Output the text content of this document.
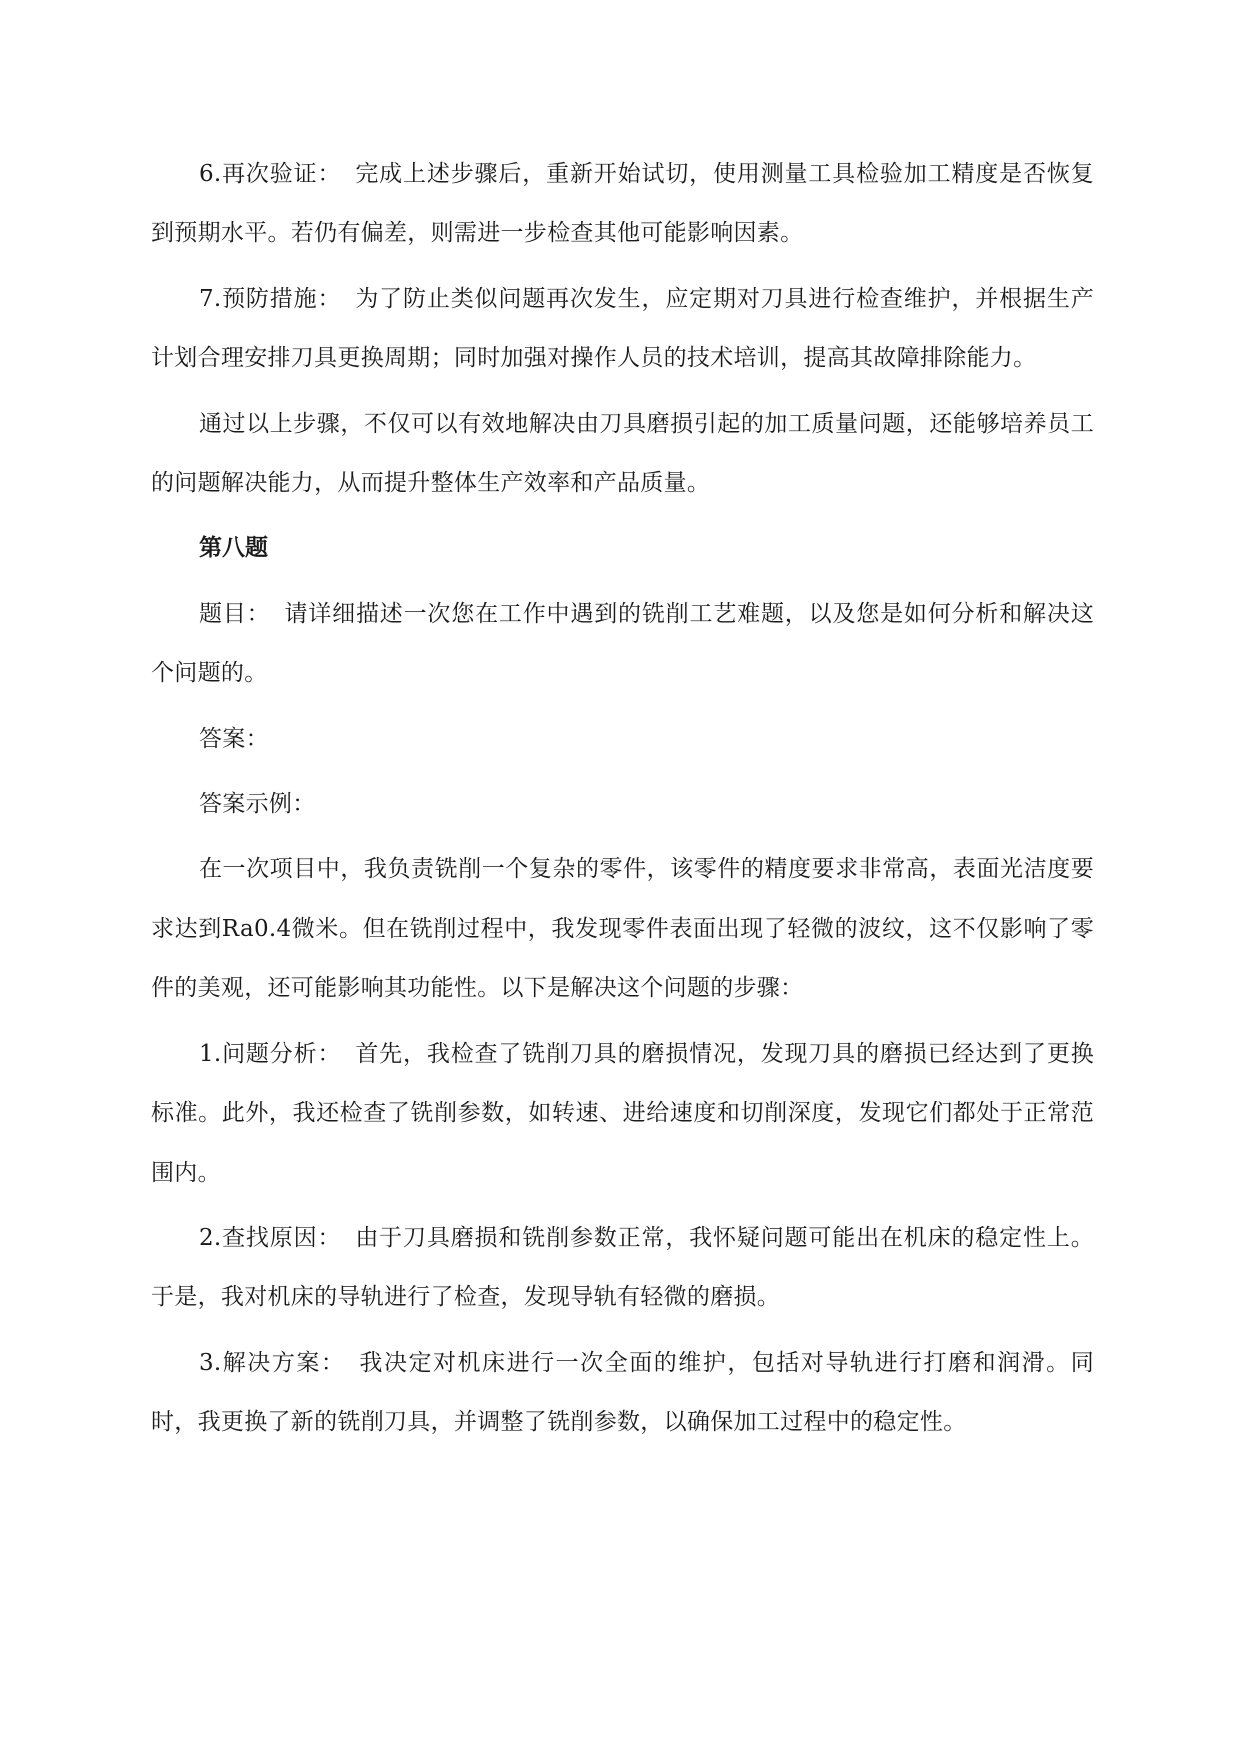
6.再次验证： 完成上述步骤后，重新开始试切，使用测量工具检验加工精度是否恢复到预期水平。若仍有偏差，则需进一步检查其他可能影响因素。

7.预防措施： 为了防止类似问题再次发生，应定期对刀具进行检查维护，并根据生产计划合理安排刀具更换周期；同时加强对操作人员的技术培训，提高其故障排除能力。

通过以上步骤，不仅可以有效地解决由刀具磨损引起的加工质量问题，还能够培养员工的问题解决能力，从而提升整体生产效率和产品质量。

第八题

题目： 请详细描述一次您在工作中遇到的铣削工艺难题，以及您是如何分析和解决这个问题的。

答案：

答案示例：

在一次项目中，我负责铣削一个复杂的零件，该零件的精度要求非常高，表面光洁度要求达到Ra0.4微米。但在铣削过程中，我发现零件表面出现了轻微的波纹，这不仅影响了零件的美观，还可能影响其功能性。以下是解决这个问题的步骤：

1.问题分析： 首先，我检查了铣削刀具的磨损情况，发现刀具的磨损已经达到了更换标准。此外，我还检查了铣削参数，如转速、进给速度和切削深度，发现它们都处于正常范围内。

2.查找原因： 由于刀具磨损和铣削参数正常，我怀疑问题可能出在机床的稳定性上。于是，我对机床的导轨进行了检查，发现导轨有轻微的磨损。

3.解决方案： 我决定对机床进行一次全面的维护，包括对导轨进行打磨和润滑。同时，我更换了新的铣削刀具，并调整了铣削参数，以确保加工过程中的稳定性。
